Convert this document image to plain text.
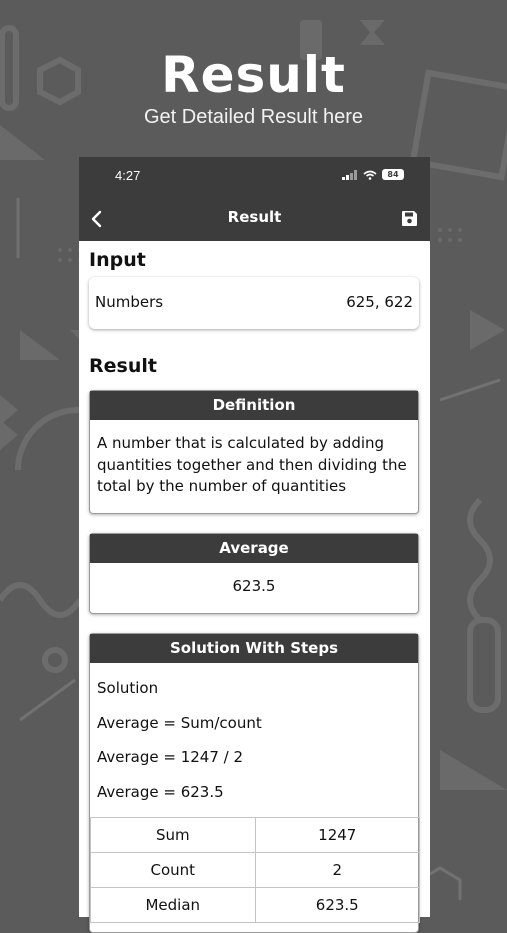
Result
Get Detailed Result here
4:27	84
Result
Input
Numbers	625, 622
Result
Definition
A number that is calculated by adding quantities together and then dividing the total by the number of quantities
Average
623.5
Solution With Steps
Solution
Average = Sum/count
Average = 1247 / 2
Average = 623.5
Sum	1247
Count	2
Median	623.5
